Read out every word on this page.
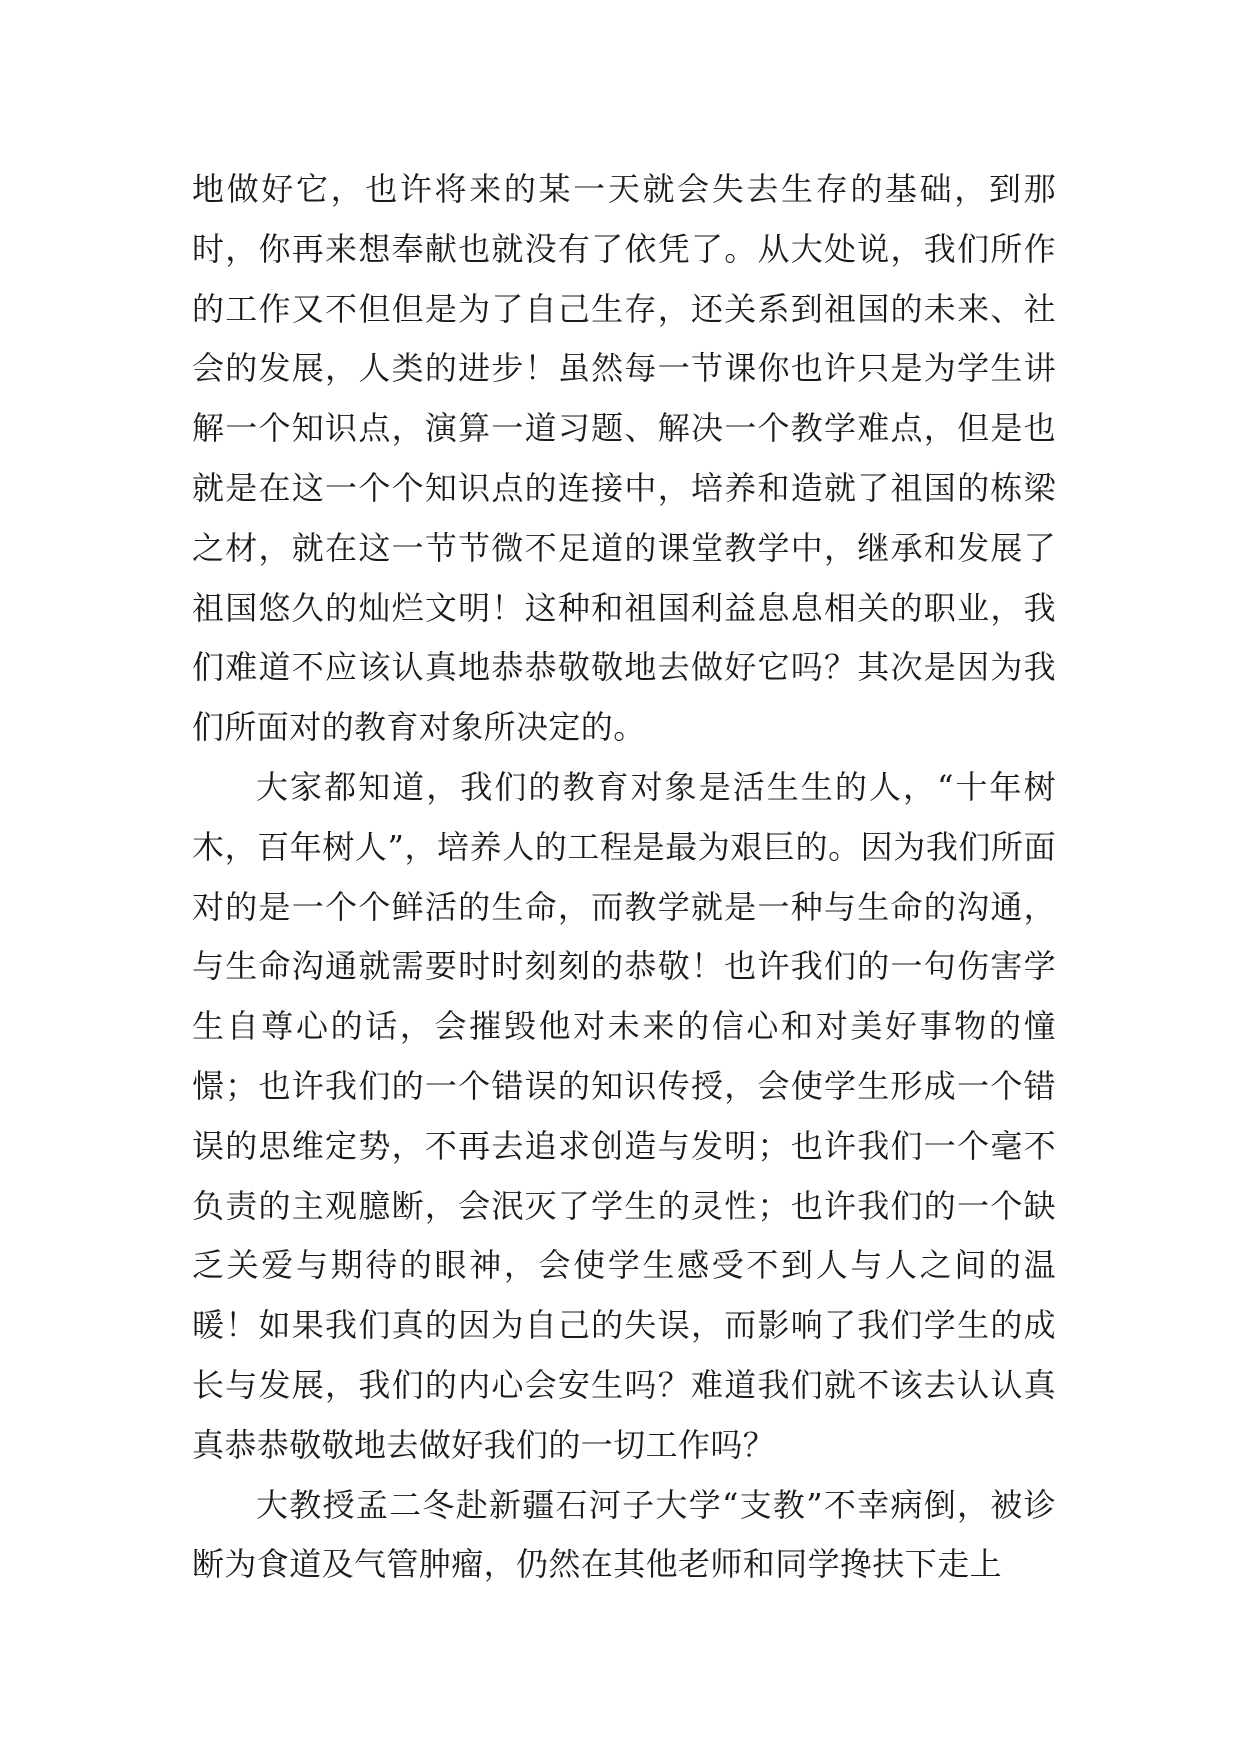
地做好它，也许将来的某一天就会失去生存的基础，到那时，你再来想奉献也就没有了依凭了。从大处说，我们所作的工作又不但但是为了自己生存，还关系到祖国的未来、社会的发展，人类的进步！虽然每一节课你也许只是为学生讲解一个知识点，演算一道习题、解决一个教学难点，但是也就是在这一个个知识点的连接中，培养和造就了祖国的栋梁之材，就在这一节节微不足道的课堂教学中，继承和发展了祖国悠久的灿烂文明！这种和祖国利益息息相关的职业，我们难道不应该认真地恭恭敬敬地去做好它吗？其次是因为我们所面对的教育对象所决定的。

大家都知道，我们的教育对象是活生生的人，“十年树木，百年树人”，培养人的工程是最为艰巨的。因为我们所面对的是一个个鲜活的生命，而教学就是一种与生命的沟通，与生命沟通就需要时时刻刻的恭敬！也许我们的一句伤害学生自尊心的话，会摧毁他对未来的信心和对美好事物的憧憬；也许我们的一个错误的知识传授，会使学生形成一个错误的思维定势，不再去追求创造与发明；也许我们一个毫不负责的主观臆断，会泯灭了学生的灵性；也许我们的一个缺乏关爱与期待的眼神，会使学生感受不到人与人之间的温暖！如果我们真的因为自己的失误，而影响了我们学生的成长与发展，我们的内心会安生吗？难道我们就不该去认认真真恭恭敬敬地去做好我们的一切工作吗？

大教授孟二冬赴新疆石河子大学“支教”不幸病倒，被诊断为食道及气管肿瘤，仍然在其他老师和同学搀扶下走上
